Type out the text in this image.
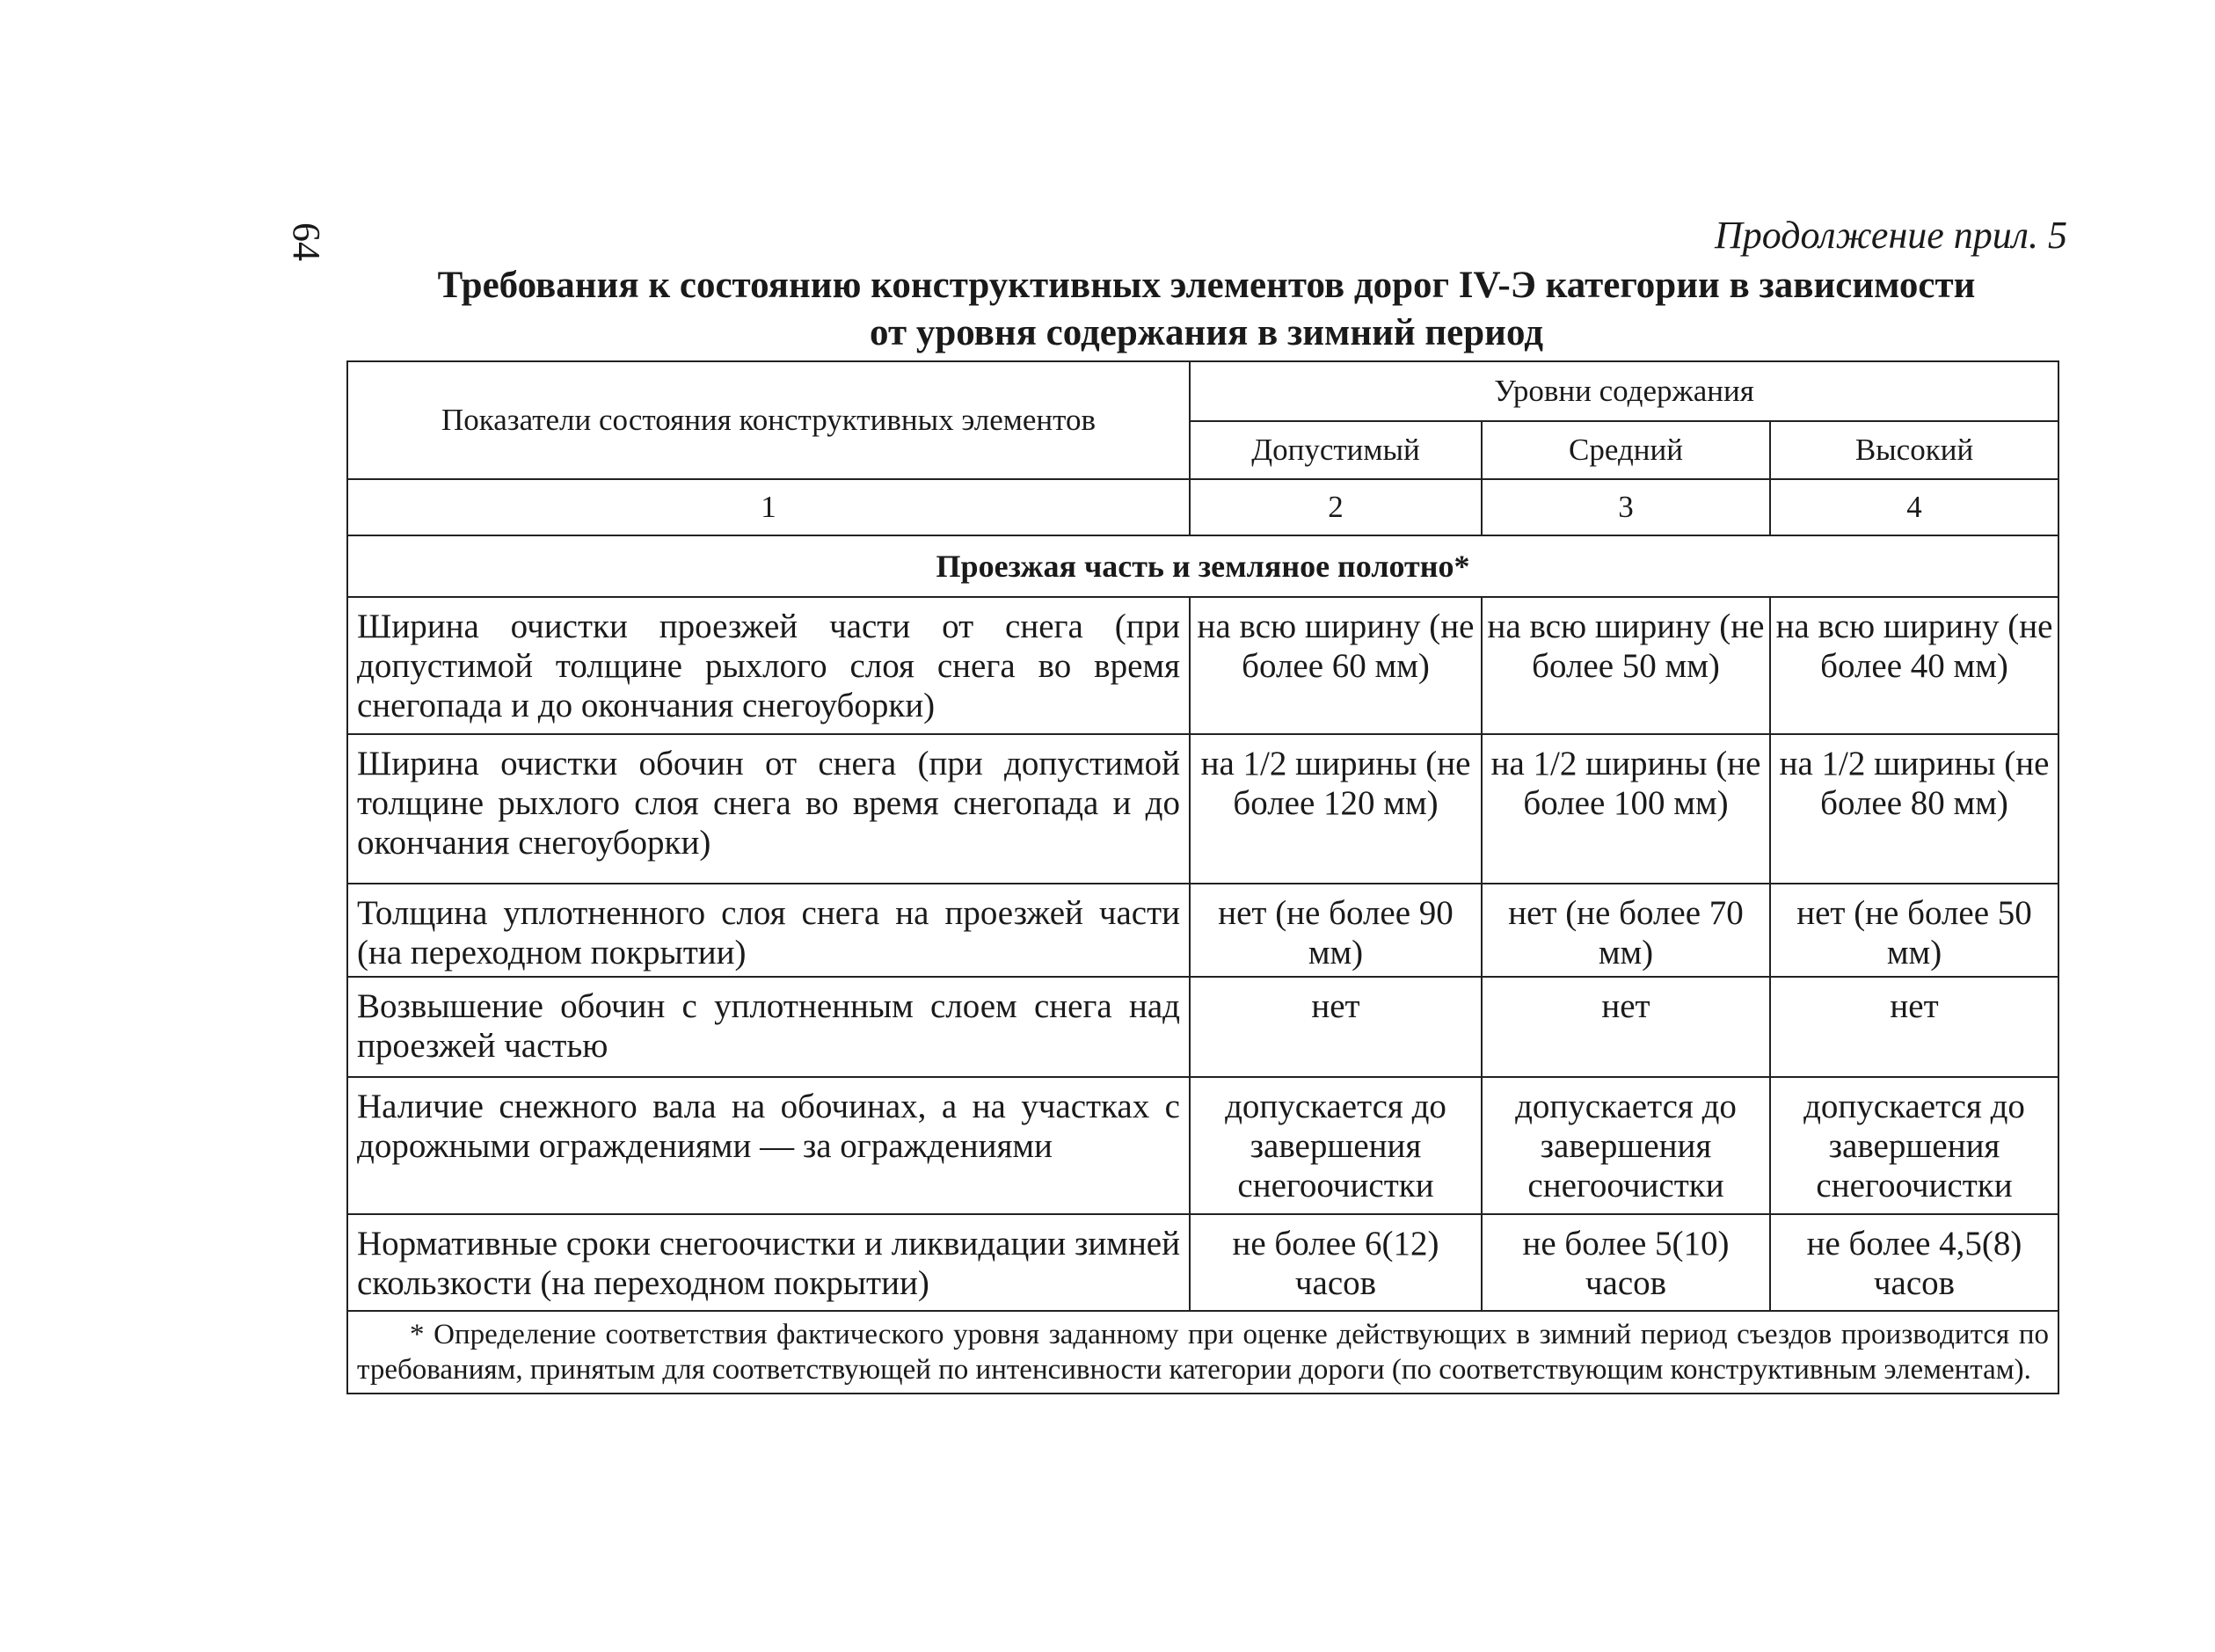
64	Продолжение прил. 5
Требования к состоянию конструктивных элементов дорог IV-Э категории в зависимости
от уровня содержания в зимний период
Показатели состояния конструктивных элементов	Уровни содержания		
	Допустимый	Средний	Высокий
1	2	3	4
Проезжая часть и земляное полотно*			
Ширина очистки проезжей части от снега (при допустимой толщине рыхлого слоя снега во время снегопада и до окончания снегоуборки)	на всю ширину (не более 60 мм)	на всю ширину (не более 50 мм)	на всю ширину (не более 40 мм)
Ширина очистки обочин от снега (при допустимой толщине рыхлого слоя снега во время снегопада и до окончания снегоуборки)	на 1/2 ширины (не более 120 мм)	на 1/2 ширины (не более 100 мм)	на 1/2 ширины (не более 80 мм)
Толщина уплотненного слоя снега на проезжей части (на переходном покрытии)	нет (не более 90 мм)	нет (не более 70 мм)	нет (не более 50 мм)
Возвышение обочин с уплотненным слоем снега над проезжей частью	нет	нет	нет
Наличие снежного вала на обочинах, а на участках с дорожными ограждениями — за ограждениями	допускается до завершения снегоочистки	допускается до завершения снегоочистки	допускается до завершения снегоочистки
Нормативные сроки снегоочистки и ликвидации зимней скользкости (на переходном покрытии)	не более 6(12) часов	не более 5(10) часов	не более 4,5(8) часов

* Определение соответствия фактического уровня заданному при оценке действующих в зимний период съездов производится по требованиям, принятым для соответствующей по интенсивности категории дороги (по соответствующим конструктивным элементам).			
